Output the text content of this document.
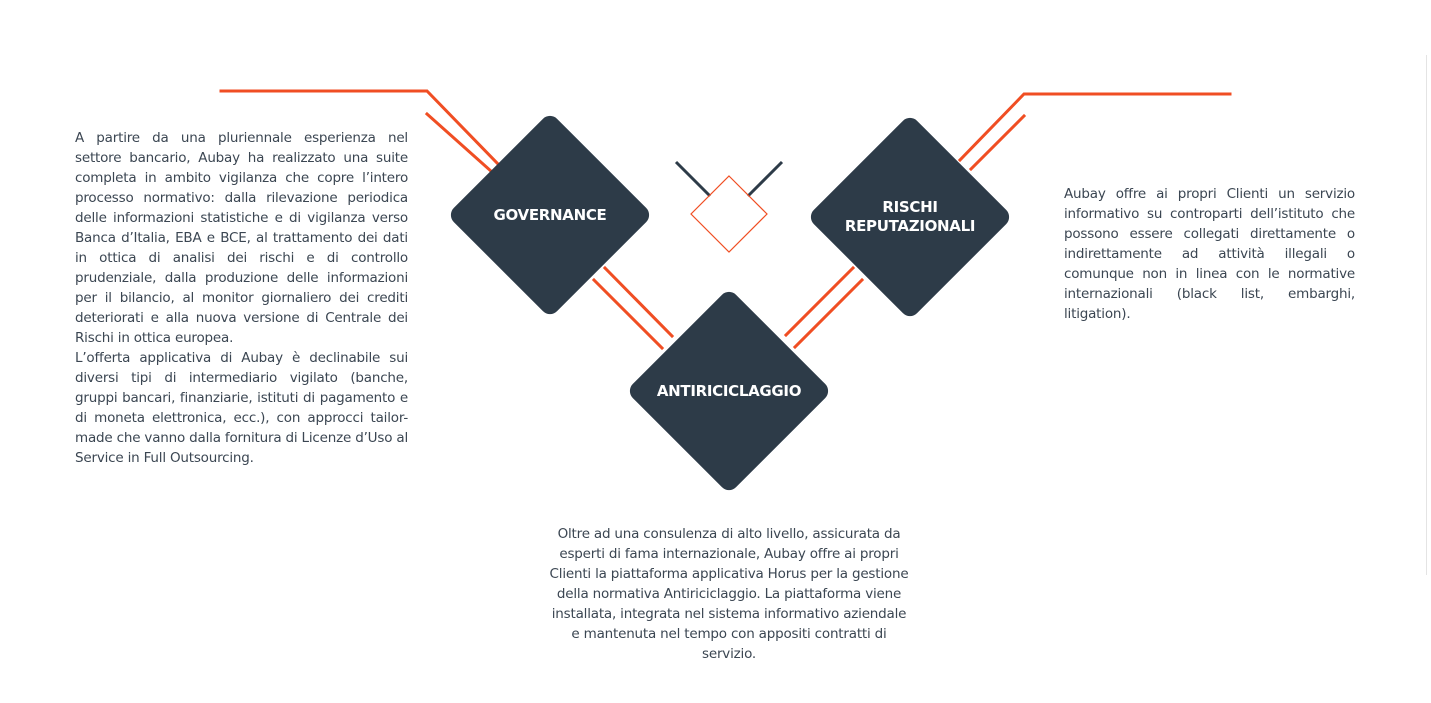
GOVERNANCE	RISCHI
REPUTAZIONALI
ANTIRICICLAGGIO

A partire da una pluriennale esperienza nel settore bancario, Aubay ha realizzato una suite completa in ambito vigilanza che copre l’intero processo normativo: dalla rilevazione periodica delle informazioni statistiche e di vigilanza verso Banca d’Italia, EBA e BCE, al trattamento dei dati in ottica di analisi dei rischi e di controllo prudenziale, dalla produzione delle informazioni per il bilancio, al monitor giornaliero dei crediti deteriorati e alla nuova versione di Centrale dei Rischi in ottica europea.

L’offerta applicativa di Aubay è declinabile sui diversi tipi di intermediario vigilato (banche, gruppi bancari, finanziarie, istituti di pagamento e di moneta elettronica, ecc.), con approcci tailor-made che vanno dalla fornitura di Licenze d’Uso al Service in Full Outsourcing.

Aubay offre ai propri Clienti un servizio informativo su controparti dell’istituto che possono essere collegati direttamente o indirettamente ad attività illegali o comunque non in linea con le normative internazionali (black list, embarghi, litigation).

Oltre ad una consulenza di alto livello, assicurata da esperti di fama internazionale, Aubay offre ai propri Clienti la piattaforma applicativa Horus per la gestione della normativa Antiriciclaggio. La piattaforma viene installata, integrata nel sistema informativo aziendale e mantenuta nel tempo con appositi contratti di servizio.
